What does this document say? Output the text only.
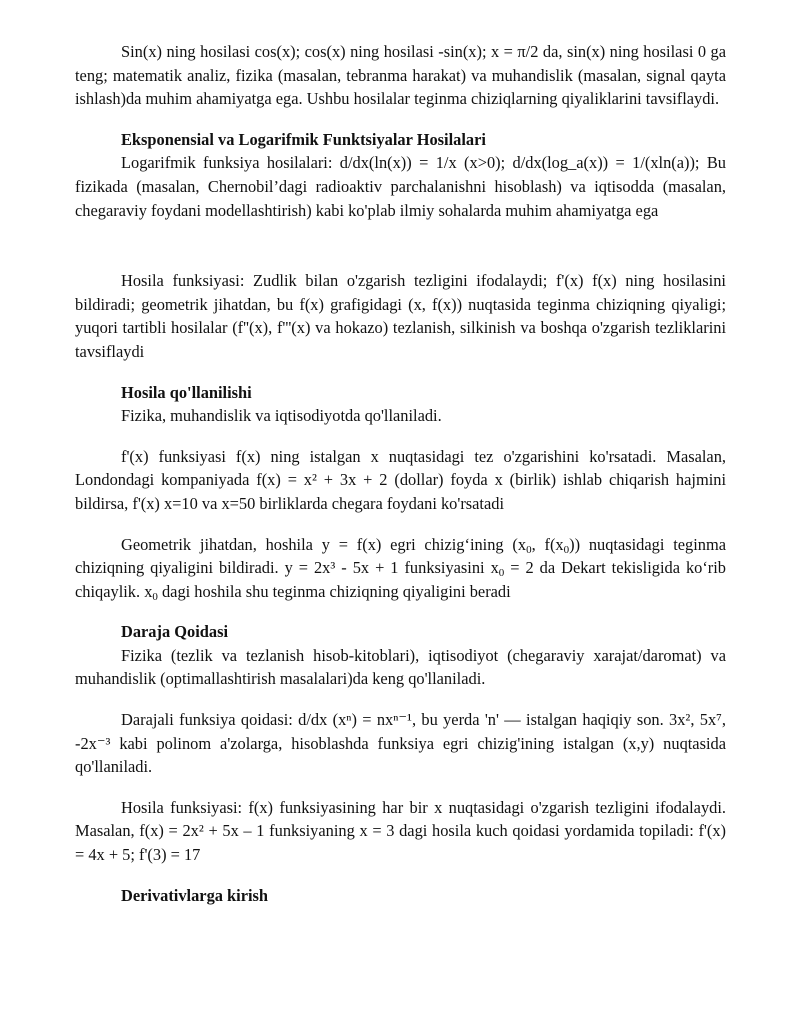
Sin(x) ning hosilasi cos(x); cos(x) ning hosilasi -sin(x); x = π/2 da, sin(x) ning hosilasi 0 ga teng; matematik analiz, fizika (masalan, tebranma harakat) va muhandislik (masalan, signal qayta ishlash)da muhim ahamiyatga ega. Ushbu hosilalar teginma chiziqlarning qiyaliklarini tavsiflaydi.

Eksponensial va Logarifmik Funktsiyalar Hosilalari

Logarifmik funksiya hosilalari: d/dx(ln(x)) = 1/x (x>0); d/dx(log_a(x)) = 1/(xln(a)); Bu fizikada (masalan, Chernobil’dagi radioaktiv parchalanishni hisoblash) va iqtisodda (masalan, chegaraviy foydani modellashtirish) kabi ko'plab ilmiy sohalarda muhim ahamiyatga ega

Hosila funksiyasi: Zudlik bilan o'zgarish tezligini ifodalaydi; f'(x) f(x) ning hosilasini bildiradi; geometrik jihatdan, bu f(x) grafigidagi (x, f(x)) nuqtasida teginma chiziqning qiyaligi; yuqori tartibli hosilalar (f''(x), f'''(x) va hokazo) tezlanish, silkinish va boshqa o'zgarish tezliklarini tavsiflaydi

Hosila qo'llanilishi

Fizika, muhandislik va iqtisodiyotda qo'llaniladi.

f'(x) funksiyasi f(x) ning istalgan x nuqtasidagi tez o'zgarishini ko'rsatadi. Masalan, Londondagi kompaniyada f(x) = x² + 3x + 2 (dollar) foyda x (birlik) ishlab chiqarish hajmini bildirsa, f'(x) x=10 va x=50 birliklarda chegara foydani ko'rsatadi

Geometrik jihatdan, hoshila y = f(x) egri chizig‘ining ($x_0$, $f(x_0)$) nuqtasidagi teginma chiziqning qiyaligini bildiradi. y = 2x³ - 5x + 1 funksiyasini $x_0 = 2$ da Dekart tekisligida ko‘rib chiqaylik. $x_0$ dagi hoshila shu teginma chiziqning qiyaligini beradi

Daraja Qoidasi

Fizika (tezlik va tezlanish hisob-kitoblari), iqtisodiyot (chegaraviy xarajat/daromat) va muhandislik (optimallashtirish masalalari)da keng qo'llaniladi.

Darajali funksiya qoidasi: d/dx (xⁿ) = nxⁿ⁻¹, bu yerda 'n' — istalgan haqiqiy son. 3x², 5x⁷, -2x⁻³ kabi polinom a'zolarga, hisoblashda funksiya egri chizig'ining istalgan (x,y) nuqtasida qo'llaniladi.

Hosila funksiyasi: f(x) funksiyasining har bir x nuqtasidagi o'zgarish tezligini ifodalaydi. Masalan, f(x) = 2x² + 5x – 1 funksiyaning x = 3 dagi hosila kuch qoidasi yordamida topiladi: f'(x) = 4x + 5; f'(3) = 17

Derivativlarga kirish
